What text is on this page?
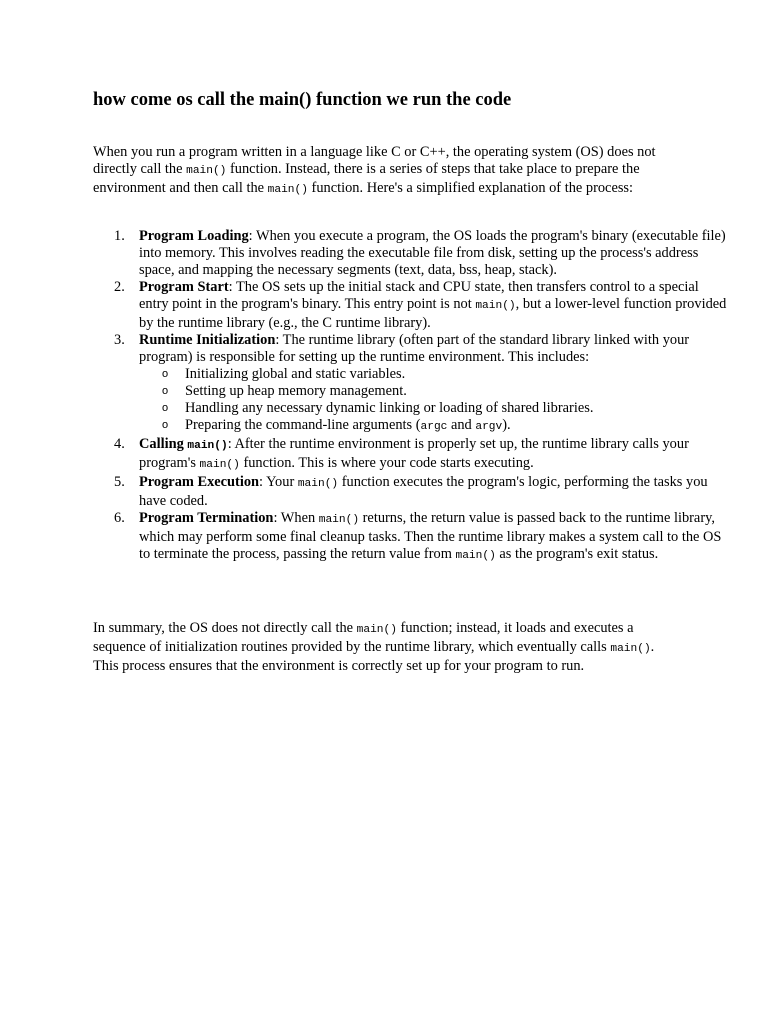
how come os call the main() function we run the code

When you run a program written in a language like C or C++, the operating system (OS) does not directly call the main() function. Instead, there is a series of steps that take place to prepare the environment and then call the main() function. Here's a simplified explanation of the process:

1. Program Loading: When you execute a program, the OS loads the program's binary (executable file) into memory. This involves reading the executable file from disk, setting up the process's address space, and mapping the necessary segments (text, data, bss, heap, stack).
2. Program Start: The OS sets up the initial stack and CPU state, then transfers control to a special entry point in the program's binary. This entry point is not main(), but a lower-level function provided by the runtime library (e.g., the C runtime library).
3. Runtime Initialization: The runtime library (often part of the standard library linked with your program) is responsible for setting up the runtime environment. This includes:
o Initializing global and static variables.
o Setting up heap memory management.
o Handling any necessary dynamic linking or loading of shared libraries.
o Preparing the command-line arguments (argc and argv).
4. Calling main(): After the runtime environment is properly set up, the runtime library calls your program's main() function. This is where your code starts executing.
5. Program Execution: Your main() function executes the program's logic, performing the tasks you have coded.
6. Program Termination: When main() returns, the return value is passed back to the runtime library, which may perform some final cleanup tasks. Then the runtime library makes a system call to the OS to terminate the process, passing the return value from main() as the program's exit status.

In summary, the OS does not directly call the main() function; instead, it loads and executes a sequence of initialization routines provided by the runtime library, which eventually calls main(). This process ensures that the environment is correctly set up for your program to run.
